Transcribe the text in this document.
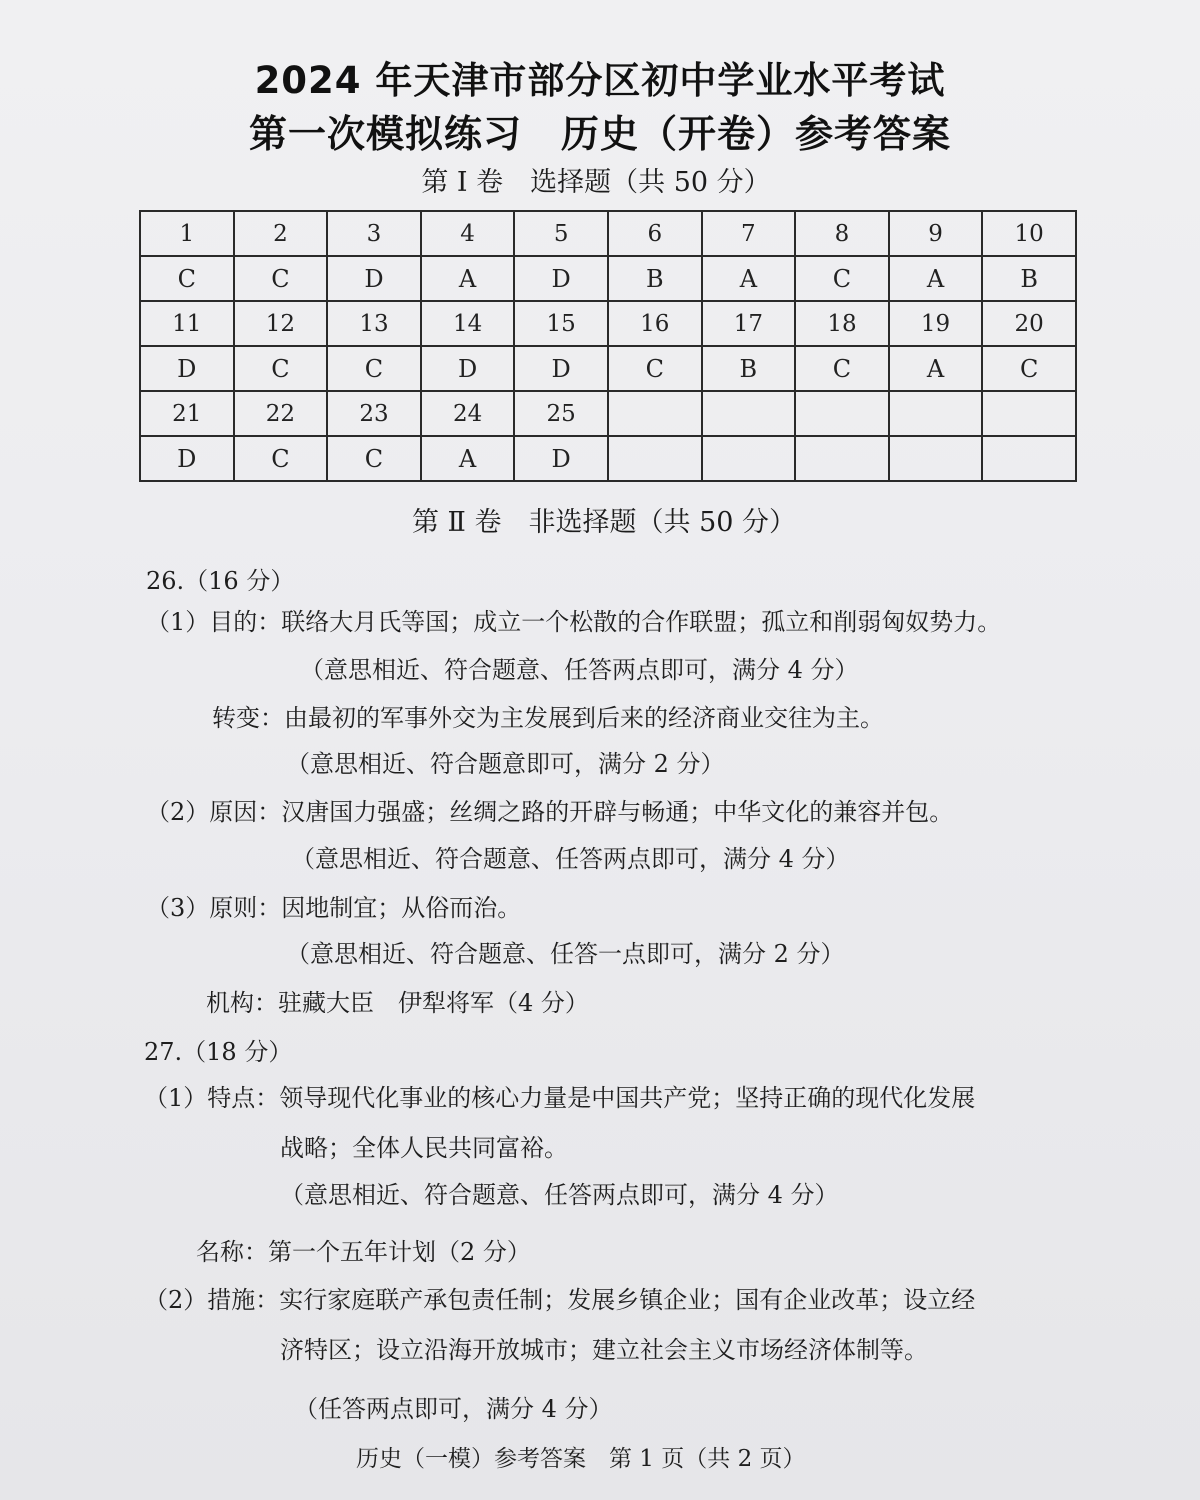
2024 年天津市部分区初中学业水平考试
第一次模拟练习　历史（开卷）参考答案
第 Ⅰ 卷　选择题（共 50 分）
1	2	3	4	5	6	7	8	9	10
C	C	D	A	D	B	A	C	A	B
11	12	13	14	15	16	17	18	19	20
D	C	C	D	D	C	B	C	A	C
21	22	23	24	25					
D	C	C	A	D					
第 Ⅱ 卷　非选择题（共 50 分）
26.（16 分）
（1）目的：联络大月氏等国；成立一个松散的合作联盟；孤立和削弱匈奴势力。
（意思相近、符合题意、任答两点即可，满分 4 分）
转变：由最初的军事外交为主发展到后来的经济商业交往为主。
（意思相近、符合题意即可，满分 2 分）
（2）原因：汉唐国力强盛；丝绸之路的开辟与畅通；中华文化的兼容并包。
（意思相近、符合题意、任答两点即可，满分 4 分）
（3）原则：因地制宜；从俗而治。
（意思相近、符合题意、任答一点即可，满分 2 分）
机构：驻藏大臣　伊犁将军（4 分）
27.（18 分）
（1）特点：领导现代化事业的核心力量是中国共产党；坚持正确的现代化发展
战略；全体人民共同富裕。
（意思相近、符合题意、任答两点即可，满分 4 分）
名称：第一个五年计划（2 分）
（2）措施：实行家庭联产承包责任制；发展乡镇企业；国有企业改革；设立经
济特区；设立沿海开放城市；建立社会主义市场经济体制等。
（任答两点即可，满分 4 分）
历史（一模）参考答案　第 1 页（共 2 页）
